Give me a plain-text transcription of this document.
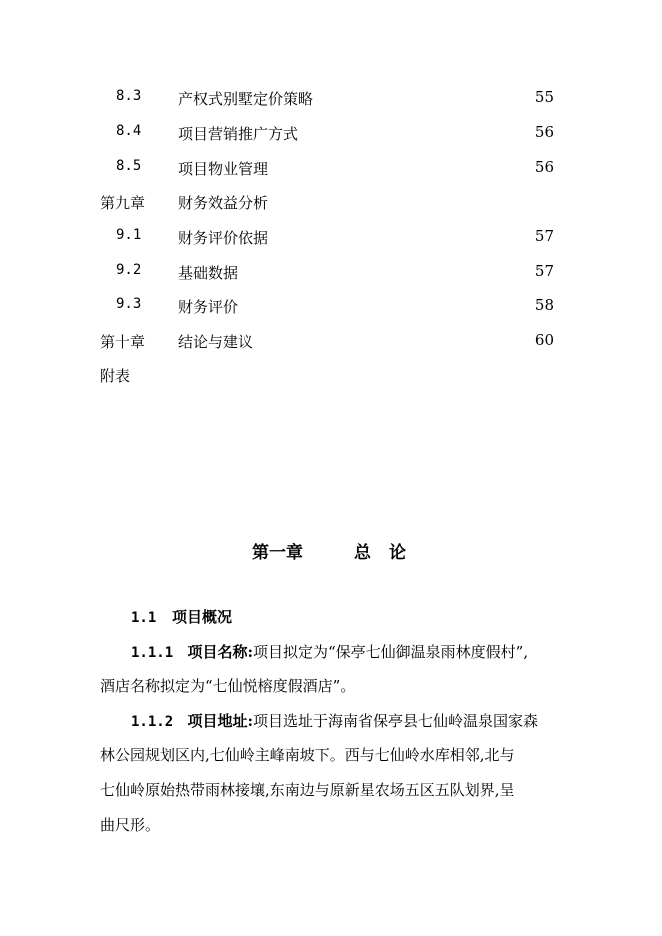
8.3 产权式别墅定价策略	55
8.4 项目营销推广方式	56
8.5 项目物业管理	56
第九章 财务效益分析
9.1 财务评价依据	57
9.2 基础数据	57
9.3 财务评价	58
第十章 结论与建议	60
附表
第一章	总论
1.1 项目概况
1.1.1 项目名称:项目拟定为“保亭七仙御温泉雨林度假村”,
酒店名称拟定为“七仙悦榕度假酒店”。
1.1.2 项目地址:项目选址于海南省保亭县七仙岭温泉国家森
林公园规划区内,七仙岭主峰南坡下。西与七仙岭水库相邻,北与
七仙岭原始热带雨林接壤,东南边与原新星农场五区五队划界,呈
曲尺形。
